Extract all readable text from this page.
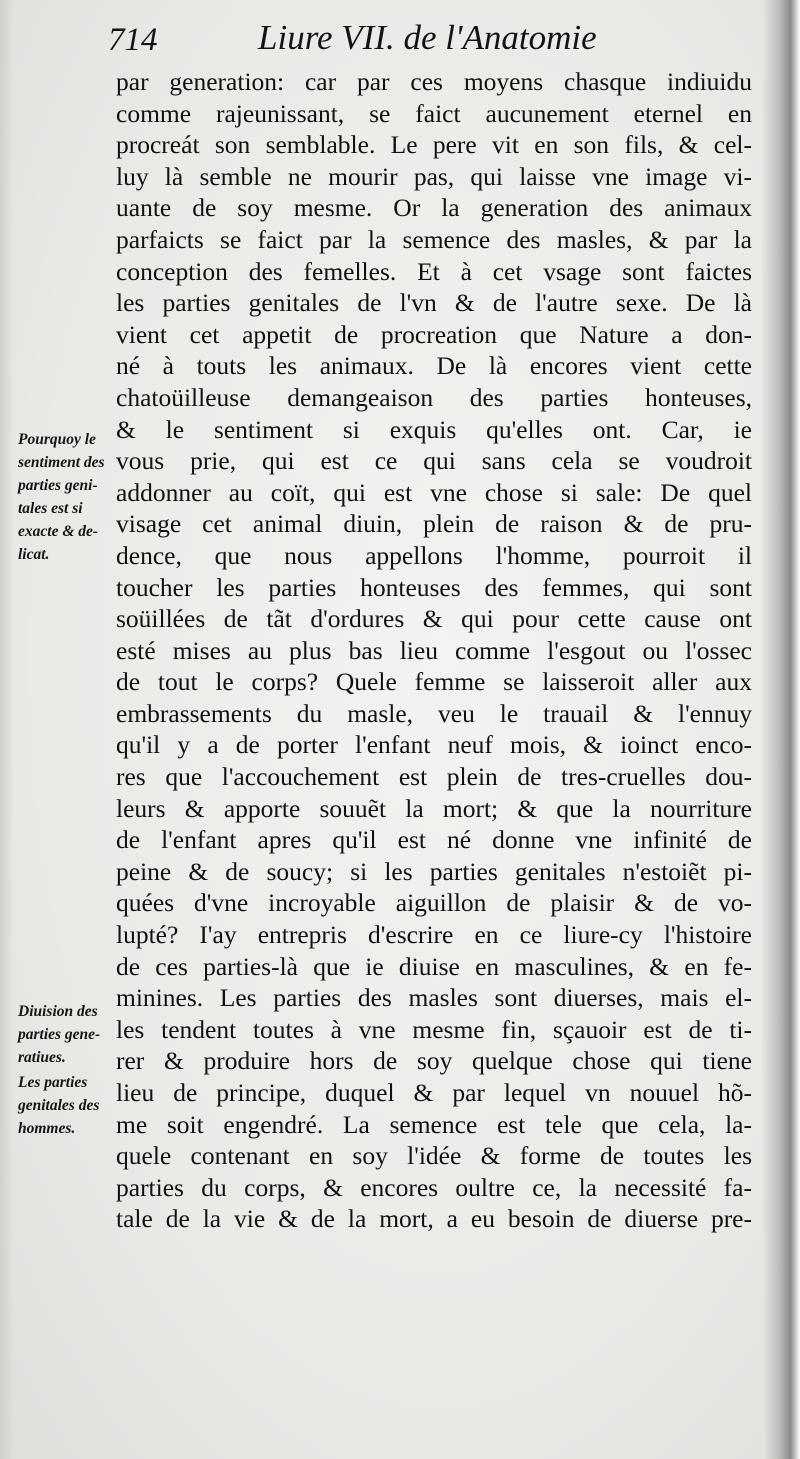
714	Liure VII. de l'Anatomie
par generation: car par ces moyens chasque indiuidu
comme rajeunissant, se faict aucunement eternel en
procreát son semblable. Le pere vit en son fils, & cel-
luy là semble ne mourir pas, qui laisse vne image vi-
uante de soy mesme. Or la generation des animaux
parfaicts se faict par la semence des masles, & par la
conception des femelles. Et à cet vsage sont faictes
les parties genitales de l'vn & de l'autre sexe. De là
vient cet appetit de procreation que Nature a don-
né à touts les animaux. De là encores vient cette
chatoüilleuse demangeaison des parties honteuses,
& le sentiment si exquis qu'elles ont. Car, ie
vous prie, qui est ce qui sans cela se voudroit
addonner au coït, qui est vne chose si sale: De quel
visage cet animal diuin, plein de raison & de pru-
dence, que nous appellons l'homme, pourroit il
toucher les parties honteuses des femmes, qui sont
soüillées de tãt d'ordures & qui pour cette cause ont
esté mises au plus bas lieu comme l'esgout ou l'ossec
de tout le corps? Quele femme se laisseroit aller aux
embrassements du masle, veu le trauail & l'ennuy
qu'il y a de porter l'enfant neuf mois, & ioinct enco-
res que l'accouchement est plein de tres-cruelles dou-
leurs & apporte souuẽt la mort; & que la nourriture
de l'enfant apres qu'il est né donne vne infinité de
peine & de soucy; si les parties genitales n'estoiẽt pi-
quées d'vne incroyable aiguillon de plaisir & de vo-
lupté? I'ay entrepris d'escrire en ce liure-cy l'histoire
de ces parties-là que ie diuise en masculines, & en fe-
minines. Les parties des masles sont diuerses, mais el-
les tendent toutes à vne mesme fin, sçauoir est de ti-
rer & produire hors de soy quelque chose qui tiene
lieu de principe, duquel & par lequel vn nouuel hõ-
me soit engendré. La semence est tele que cela, la-
quele contenant en soy l'idée & forme de toutes les
parties du corps, & encores oultre ce, la necessité fa-
tale de la vie & de la mort, a eu besoin de diuerse pre-
Pourquoy le
sentiment des
parties geni-
tales est si
exacte & de-
licat.
Diuision des
parties gene-
ratiues.
Les parties
genitales des
hommes.
